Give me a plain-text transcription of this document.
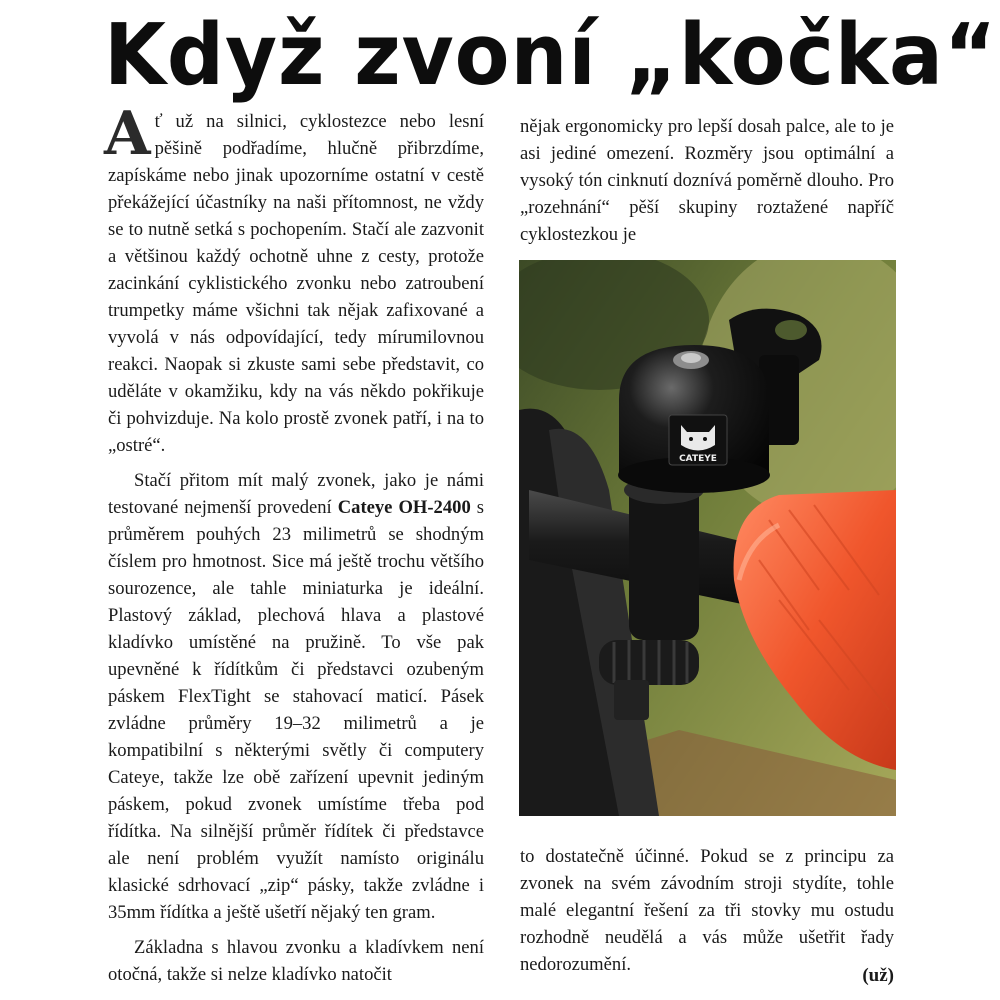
Když zvoní „kočka“

Ať už na silnici, cyklostezce nebo lesní pěšině podřadíme, hlučně přibrzdíme, zapískáme nebo jinak upozorníme ostatní v cestě překážející účastníky na naši přítomnost, ne vždy se to nutně setká s pochopením. Stačí ale zazvonit a většinou každý ochotně uhne z cesty, protože zacinkání cyklistického zvonku nebo zatroubení trumpetky máme všichni tak nějak zafixované a vyvolá v nás odpovídající, tedy mírumilovnou reakci. Naopak si zkuste sami sebe představit, co uděláte v okamžiku, kdy na vás někdo pokřikuje či pohvizduje. Na kolo prostě zvonek patří, i na to „ostré“.

Stačí přitom mít malý zvonek, jako je námi testované nejmenší provedení Cateye OH-2400 s průměrem pouhých 23 milimetrů se shodným číslem pro hmotnost. Sice má ještě trochu většího sourozence, ale tahle miniaturka je ideální. Plastový základ, plechová hlava a plastové kladívko umístěné na pružině. To vše pak upevněné k řídítkům či představci ozubeným páskem FlexTight se stahovací maticí. Pásek zvládne průměry 19–32 milimetrů a je kompatibilní s některými světly či computery Cateye, takže lze obě zařízení upevnit jediným páskem, pokud zvonek umístíme třeba pod řídítka. Na silnější průměr řídítek či představce ale není problém využít namísto originálu klasické sdrhovací „zip“ pásky, takže zvládne i 35mm řídítka a ještě ušetří nějaký ten gram.

Základna s hlavou zvonku a kladívkem není otočná, takže si nelze kladívko natočit

nějak ergonomicky pro lepší dosah palce, ale to je asi jediné omezení. Rozměry jsou optimální a vysoký tón cinknutí doznívá poměrně dlouho. Pro „rozehnání“ pěší skupiny roztažené napříč cyklostezkou je

CATEYE

to dostatečně účinné. Pokud se z principu za zvonek na svém závodním stroji stydíte, tohle malé elegantní řešení za tři stovky mu ostudu rozhodně neudělá a vás může ušetřit řady nedorozumění.

(už)
